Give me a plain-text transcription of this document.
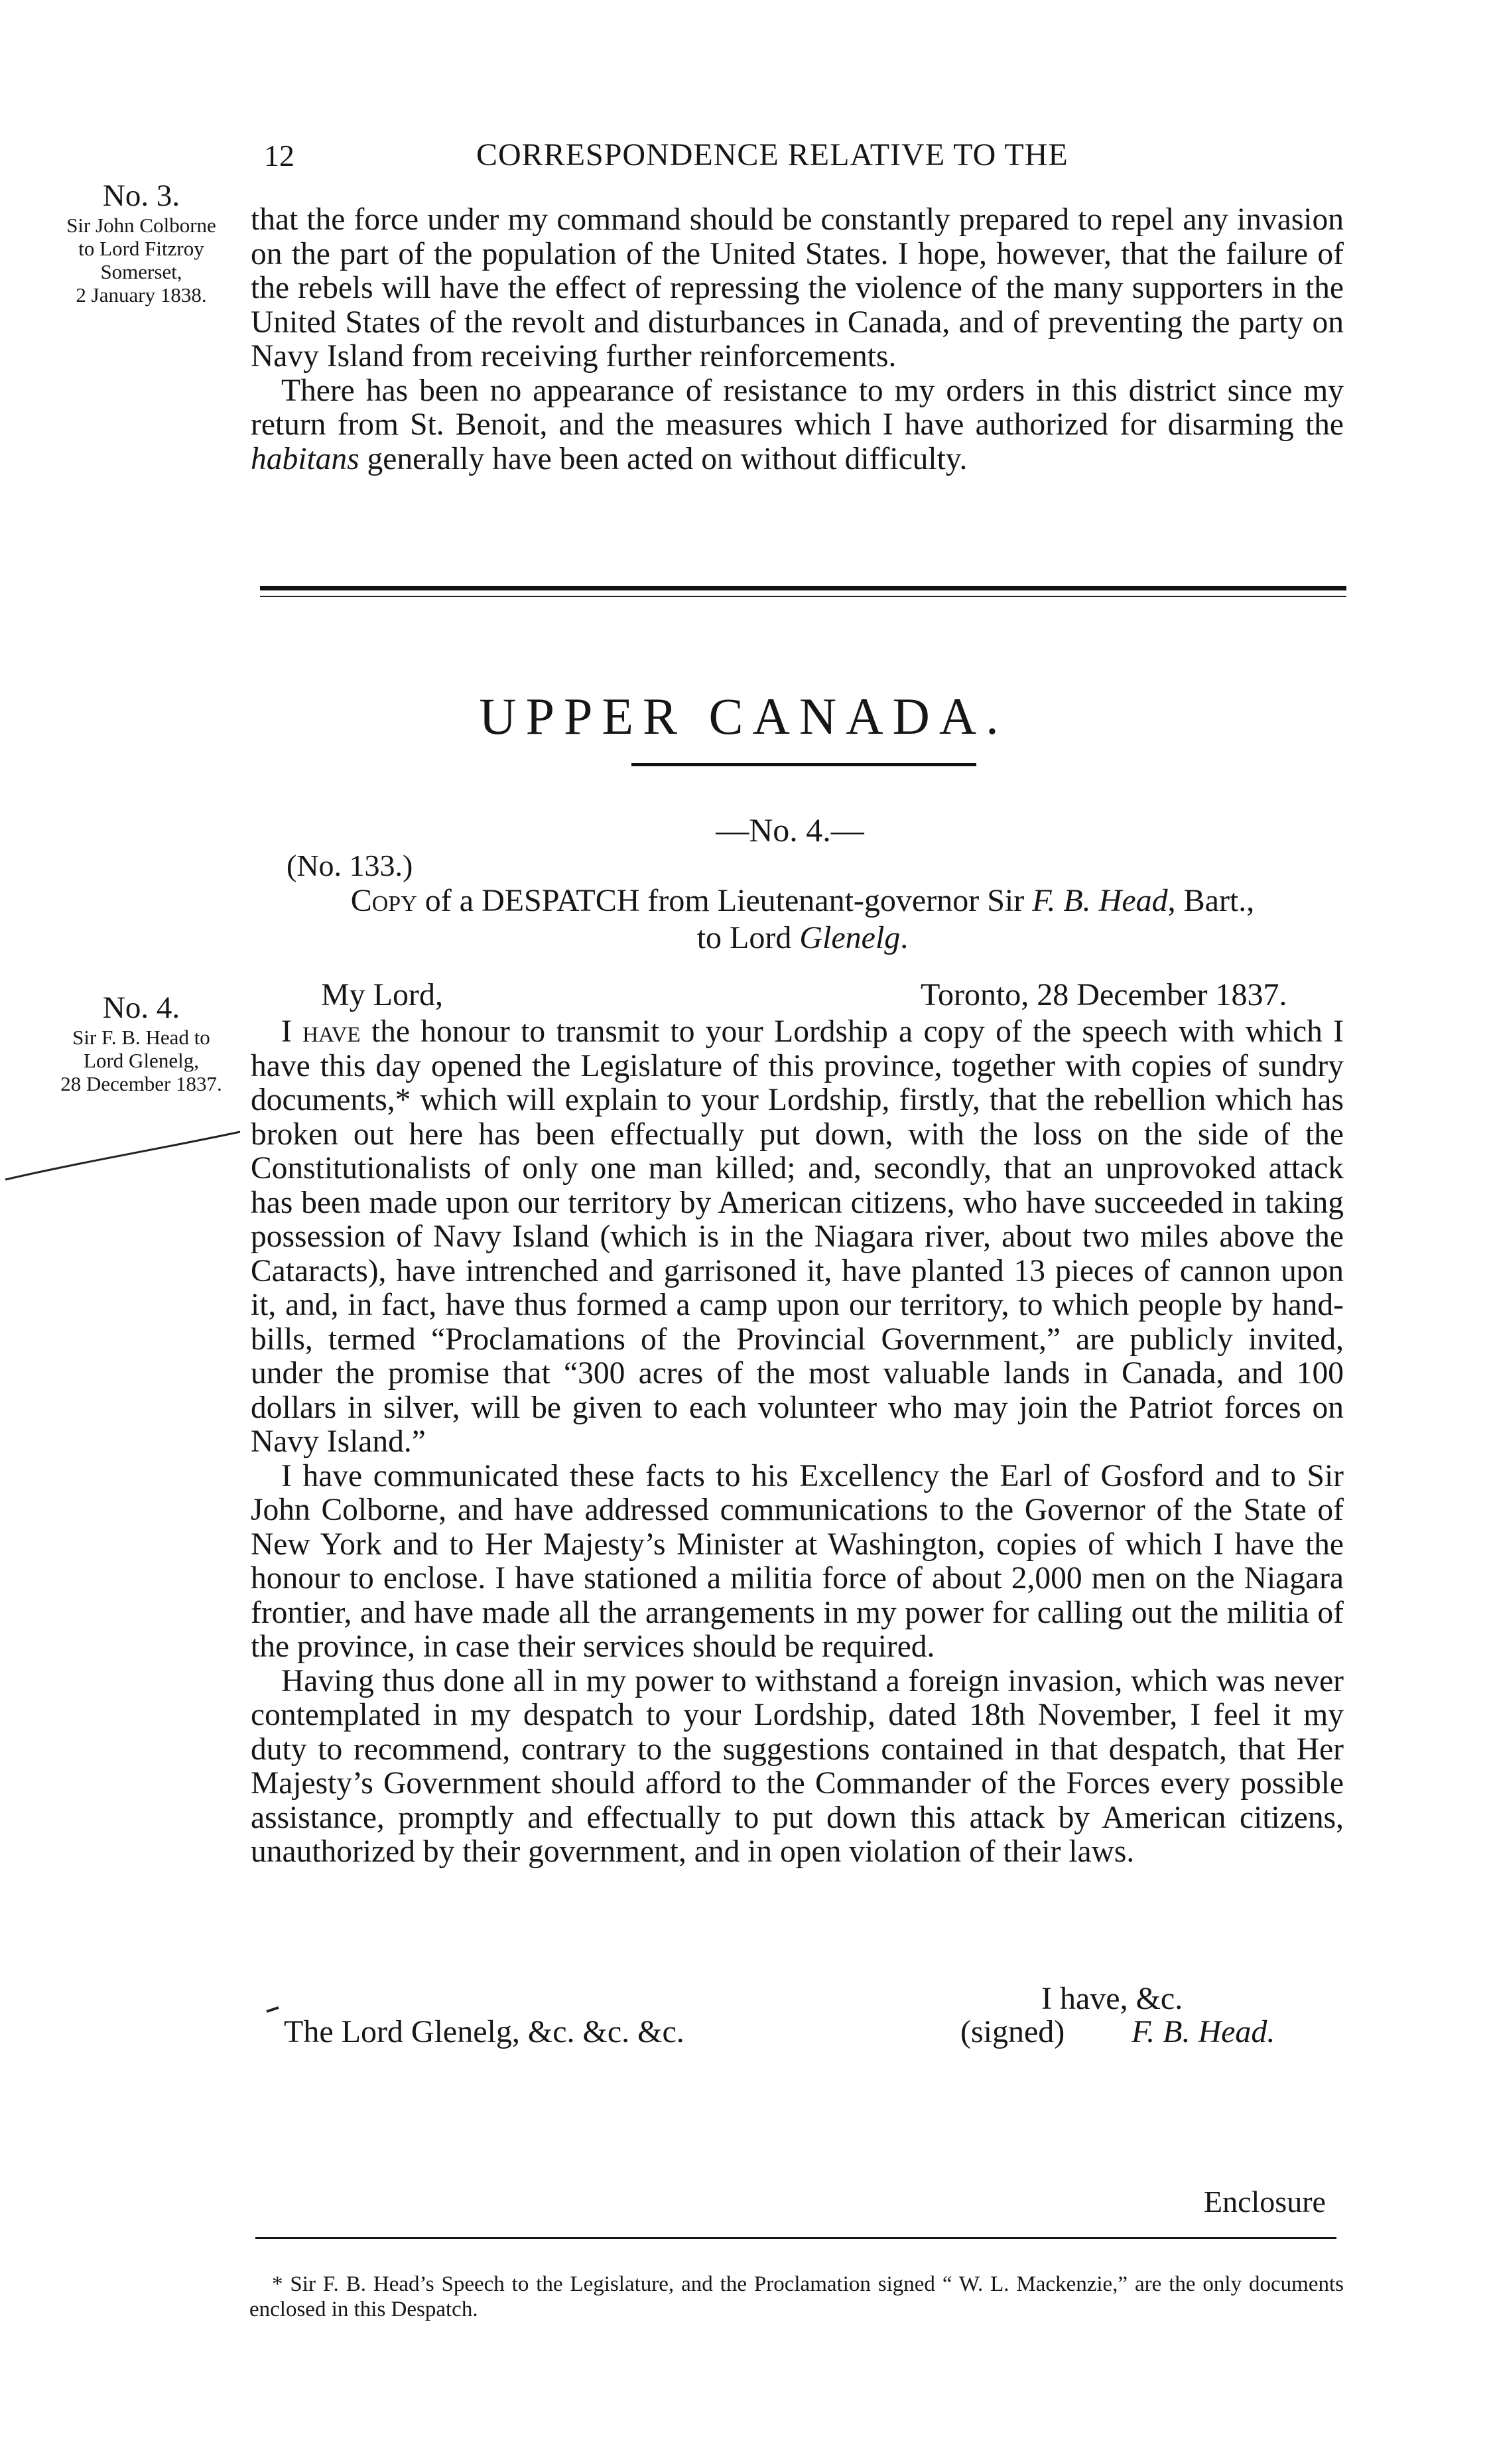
12	CORRESPONDENCE RELATIVE TO THE
No. 3.
Sir John Colborne
to Lord Fitzroy
Somerset,
2 January 1838.

that the force under my command should be constantly prepared to repel any invasion on the part of the population of the United States. I hope, however, that the failure of the rebels will have the effect of repressing the violence of the many supporters in the United States of the revolt and disturbances in Canada, and of preventing the party on Navy Island from receiving further reinforcements.

There has been no appearance of resistance to my orders in this district since my return from St. Benoit, and the measures which I have authorized for disarming the habitans generally have been acted on without difficulty.

UPPER CANADA.
—No. 4.—
(No. 133.)
Copy of a DESPATCH from Lieutenant-governor Sir F. B. Head, Bart.,
to Lord Glenelg.
No. 4.
Sir F. B. Head to
Lord Glenelg,
28 December 1837.
My Lord,	Toronto, 28 December 1837.

I have the honour to transmit to your Lordship a copy of the speech with which I have this day opened the Legislature of this province, together with copies of sundry documents,* which will explain to your Lordship, firstly, that the rebellion which has broken out here has been effectually put down, with the loss on the side of the Constitutionalists of only one man killed; and, secondly, that an unprovoked attack has been made upon our territory by American citizens, who have succeeded in taking possession of Navy Island (which is in the Niagara river, about two miles above the Cataracts), have intrenched and garrisoned it, have planted 13 pieces of cannon upon it, and, in fact, have thus formed a camp upon our territory, to which people by hand-bills, termed “Proclamations of the Provincial Government,” are publicly invited, under the promise that “300 acres of the most valuable lands in Canada, and 100 dollars in silver, will be given to each volunteer who may join the Patriot forces on Navy Island.”

I have communicated these facts to his Excellency the Earl of Gosford and to Sir John Colborne, and have addressed communications to the Governor of the State of New York and to Her Majesty’s Minister at Washington, copies of which I have the honour to enclose. I have stationed a militia force of about 2,000 men on the Niagara frontier, and have made all the arrangements in my power for calling out the militia of the province, in case their services should be required.

Having thus done all in my power to withstand a foreign invasion, which was never contemplated in my despatch to your Lordship, dated 18th November, I feel it my duty to recommend, contrary to the suggestions contained in that despatch, that Her Majesty’s Government should afford to the Commander of the Forces every possible assistance, promptly and effectually to put down this attack by American citizens, unauthorized by their government, and in open violation of their laws.

I have, &c.
The Lord Glenelg, &c. &c. &c.	(signed) F. B. Head.
Enclosure

* Sir F. B. Head’s Speech to the Legislature, and the Proclamation signed “ W. L. Mackenzie,” are the only documents enclosed in this Despatch.
